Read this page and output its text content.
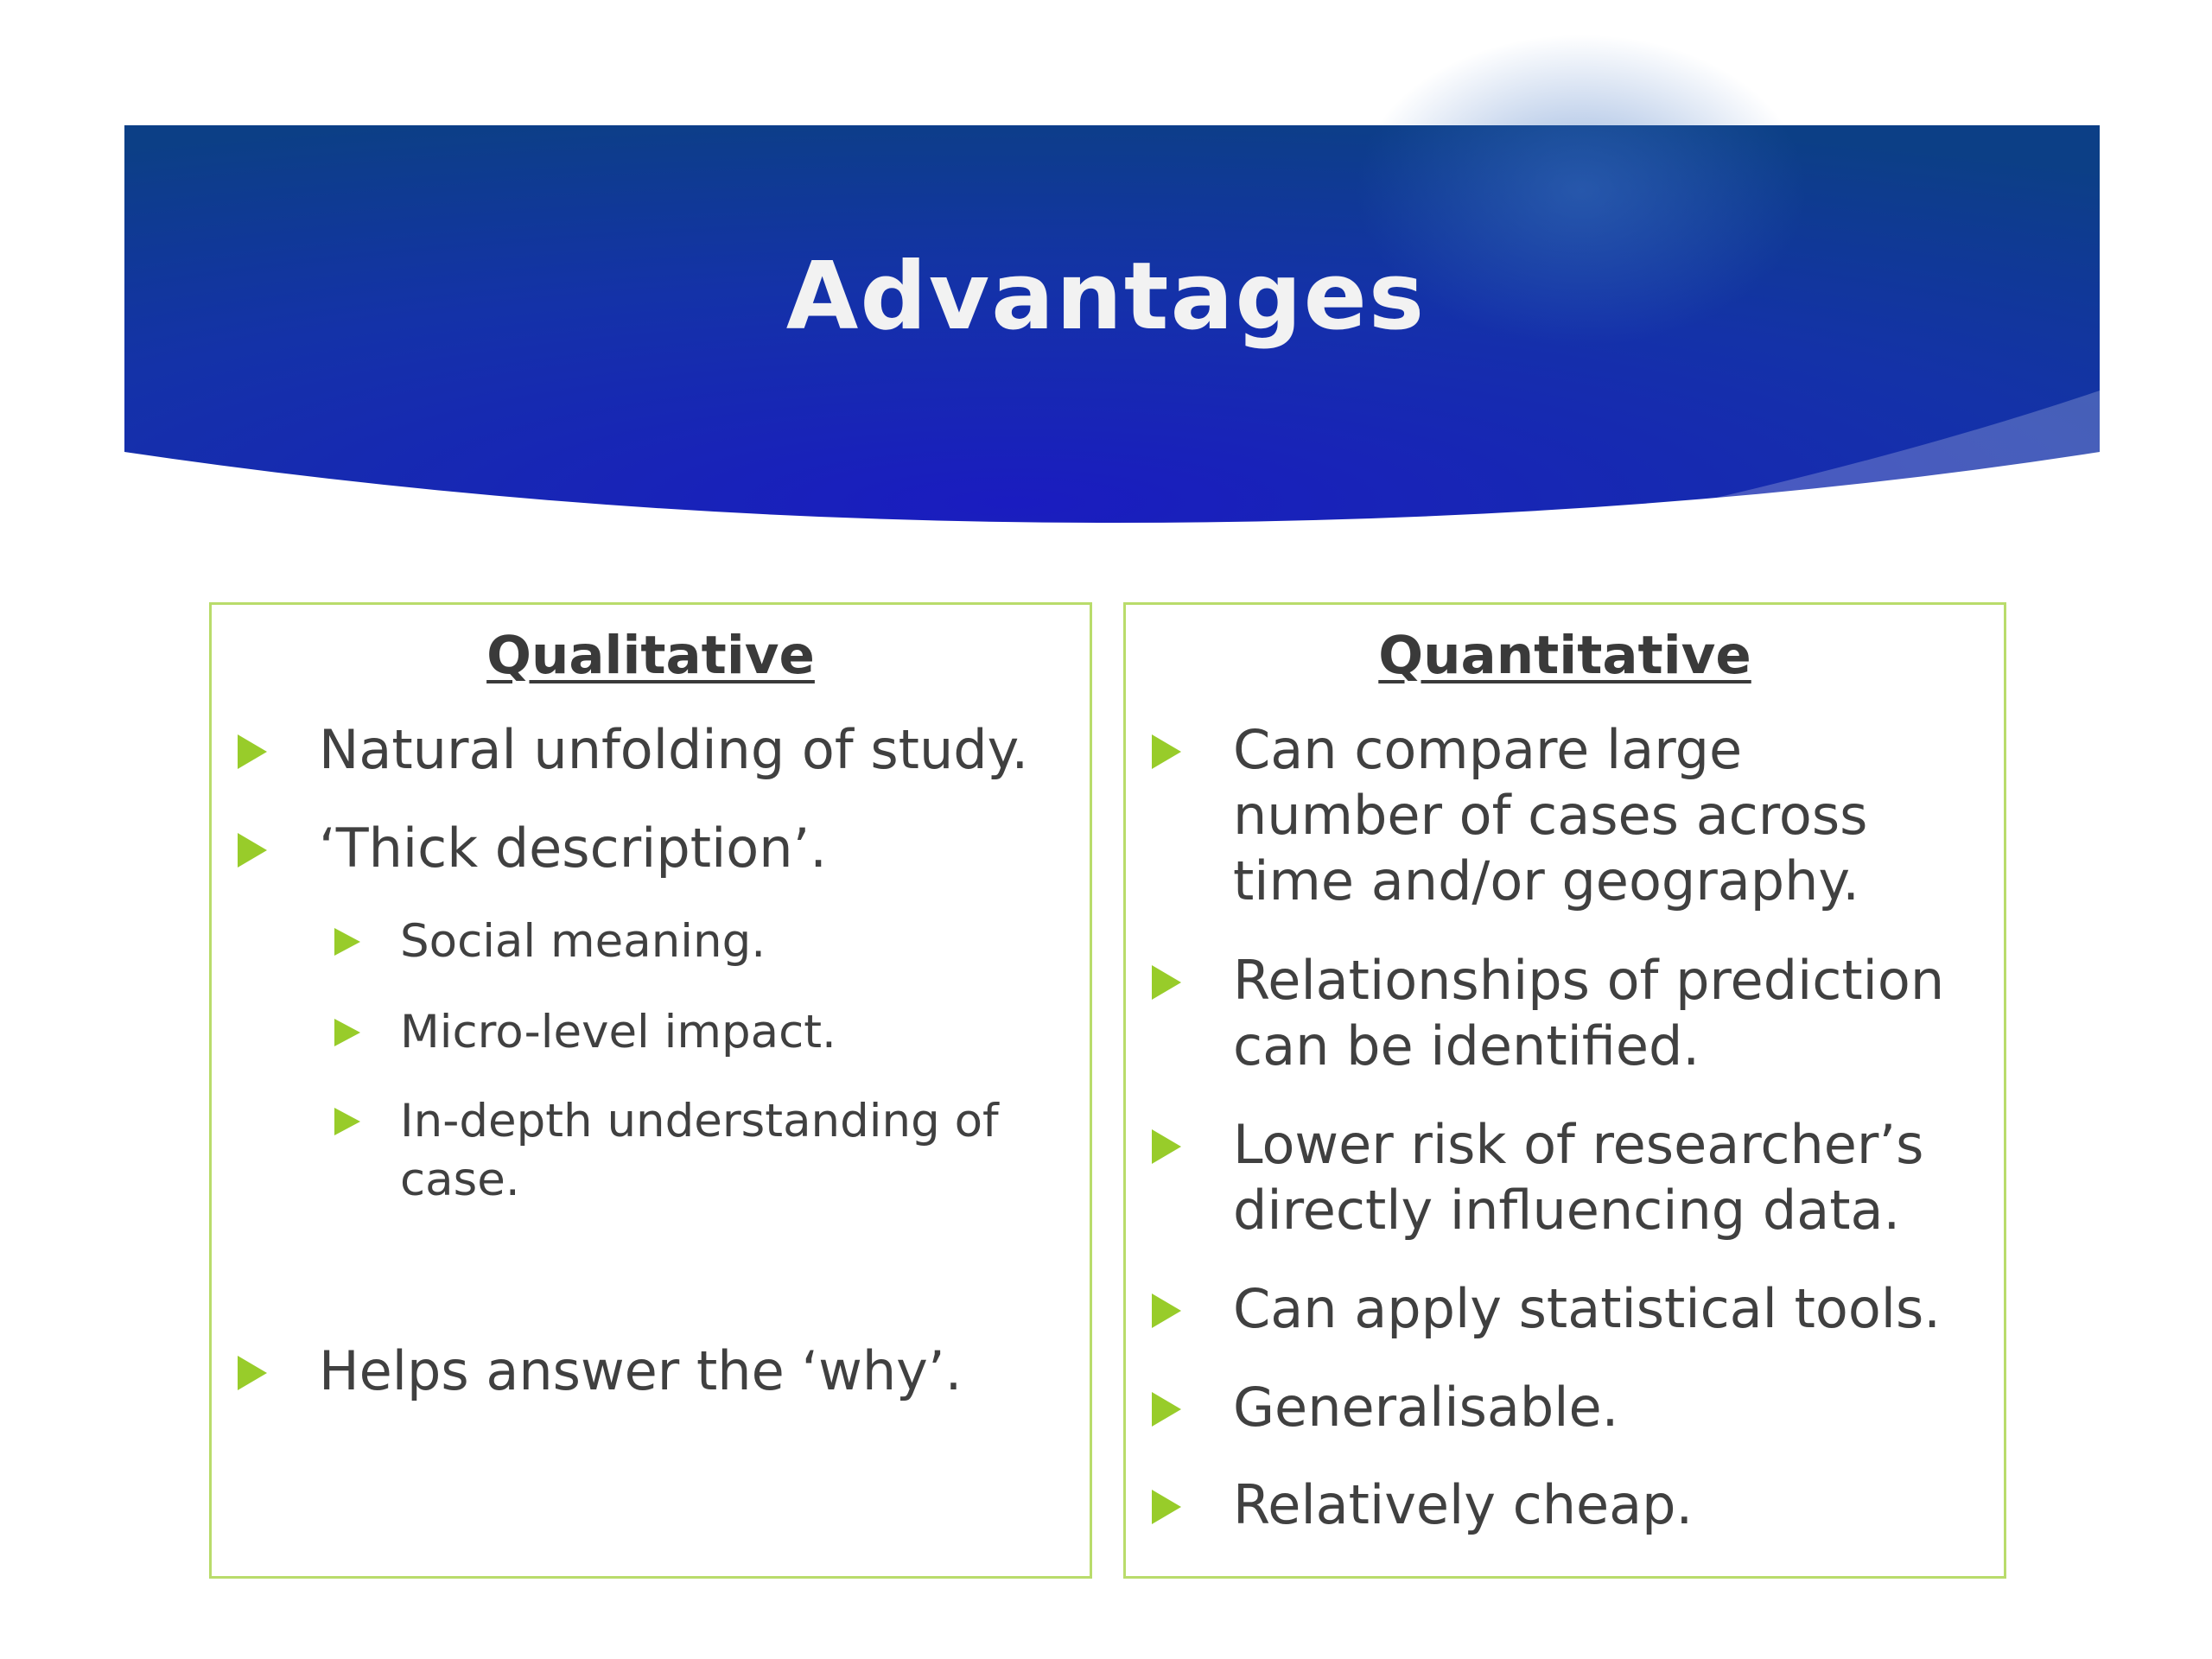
Advantages
Qualitative

Natural unfolding of study.

‘Thick description’.

Social meaning.

Micro-level impact.

In-depth understanding of case.

Helps answer the ‘why’.

Quantitative

Can compare large number of cases across time and/or geography.

Relationships of prediction can be identified.

Lower risk of researcher’s directly influencing data.

Can apply statistical tools.

Generalisable.

Relatively cheap.
